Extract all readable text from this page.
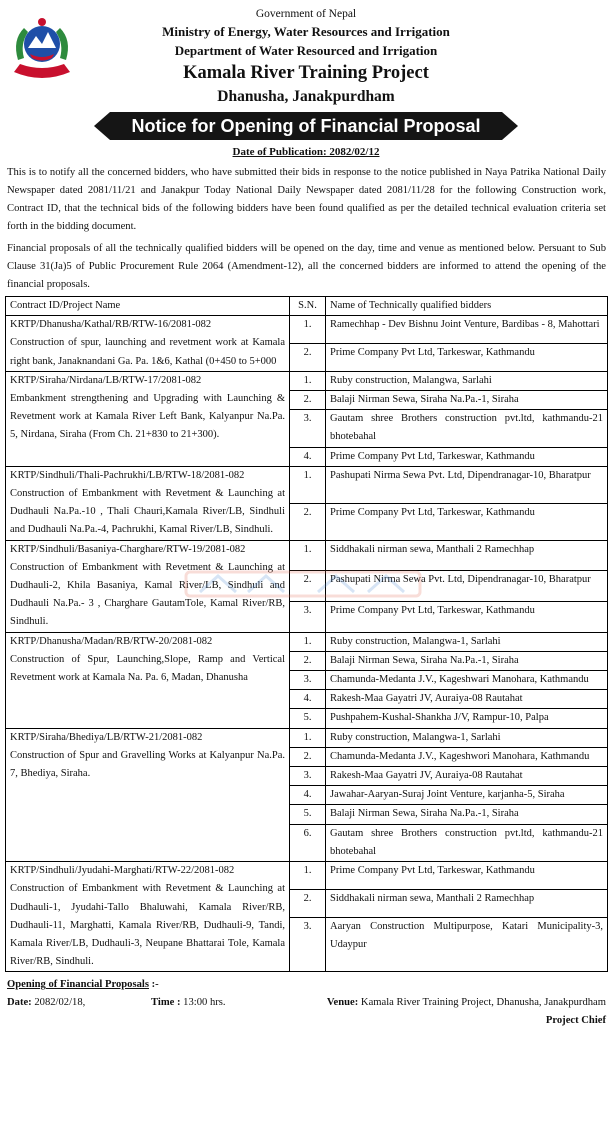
Government of Nepal
Ministry of Energy, Water Resources and Irrigation
Department of Water Resourced and Irrigation
Kamala River Training Project
Dhanusha, Janakpurdham
Notice for Opening of Financial Proposal
Date of Publication: 2082/02/12

This is to notify all the concerned bidders, who have submitted their bids in response to the notice published in Naya Patrika National Daily Newspaper dated 2081/11/21 and Janakpur Today National Daily Newspaper dated 2081/11/28 for the following Construction work, Contract ID, that the technical bids of the following bidders have been found qualified as per the detailed technical evaluation criteria set forth in the bidding document.

Financial proposals of all the technically qualified bidders will be opened on the day, time and venue as mentioned below. Persuant to Sub Clause 31(Ja)5 of Public Procurement Rule 2064 (Amendment-12), all the concerned bidders are informed to attend the opening of the financial proposals.

Contract ID/Project Name	S.N.	Name of Technically qualified bidders

KRTP/Dhanusha/Kathal/RB/RTW-16/2081-082
Construction of spur, launching and revetment work at Kamala right bank, Janaknandani Ga. Pa. 1&6, Kathal (0+450 to 5+000	1.	Ramechhap - Dev Bishnu Joint Venture, Bardibas - 8, Mahottari
	2.	Prime Company Pvt Ltd, Tarkeswar, Kathmandu

KRTP/Siraha/Nirdana/LB/RTW-17/2081-082
Embankment strengthening and Upgrading with Launching & Revetment work at Kamala River Left Bank, Kalyanpur Na.Pa. 5, Nirdana, Siraha (From Ch. 21+830 to 21+300).	1.	Ruby construction, Malangwa, Sarlahi
	2.	Balaji Nirman Sewa, Siraha Na.Pa.-1, Siraha
	3.	Gautam shree Brothers construction pvt.ltd, kathmandu-21 bhotebahal
	4.	Prime Company Pvt Ltd, Tarkeswar, Kathmandu

KRTP/Sindhuli/Thali-Pachrukhi/LB/RTW-18/2081-082
Construction of Embankment with Revetment & Launching at Dudhauli Na.Pa.-10 , Thali Chauri,Kamala River/LB, Sindhuli and Dudhauli Na.Pa.-4, Pachrukhi, Kamal River/LB, Sindhuli.	1.	Pashupati Nirma Sewa Pvt. Ltd, Dipendranagar-10, Bharatpur
	2.	Prime Company Pvt Ltd, Tarkeswar, Kathmandu

KRTP/Sindhuli/Basaniya-Charghare/RTW-19/2081-082
Construction of Embankment with Revetment & Launching at Dudhauli-2, Khila Basaniya, Kamal River/LB, Sindhuli and Dudhauli Na.Pa.- 3 , Charghare GautamTole, Kamal River/RB, Sindhuli.	1.	Siddhakali nirman sewa, Manthali 2 Ramechhap
	2.	Pashupati Nirma Sewa Pvt. Ltd, Dipendranagar-10, Bharatpur
	3.	Prime Company Pvt Ltd, Tarkeswar, Kathmandu

KRTP/Dhanusha/Madan/RB/RTW-20/2081-082
Construction of Spur, Launching,Slope, Ramp and Vertical Revetment work at Kamala Na. Pa. 6, Madan, Dhanusha	1.	Ruby construction, Malangwa-1, Sarlahi
	2.	Balaji Nirman Sewa, Siraha Na.Pa.-1, Siraha
	3.	Chamunda-Medanta J.V., Kageshwari Manohara, Kathmandu
	4.	Rakesh-Maa Gayatri JV, Auraiya-08 Rautahat
	5.	Pushpahem-Kushal-Shankha J/V, Rampur-10, Palpa

KRTP/Siraha/Bhediya/LB/RTW-21/2081-082
Construction of Spur and Gravelling Works at Kalyanpur Na.Pa. 7, Bhediya, Siraha.	1.	Ruby construction, Malangwa-1, Sarlahi
	2.	Chamunda-Medanta J.V., Kageshwori Manohara, Kathmandu
	3.	Rakesh-Maa Gayatri JV, Auraiya-08 Rautahat
	4.	Jawahar-Aaryan-Suraj Joint Venture, karjanha-5, Siraha
	5.	Balaji Nirman Sewa, Siraha Na.Pa.-1, Siraha
	6.	Gautam shree Brothers construction pvt.ltd, kathmandu-21 bhotebahal

KRTP/Sindhuli/Jyudahi-Marghati/RTW-22/2081-082
Construction of Embankment with Revetment & Launching at Dudhauli-1, Jyudahi-Tallo Bhaluwahi, Kamala River/RB, Dudhauli-11, Marghatti, Kamala River/RB, Dudhauli-9, Tandi, Kamala River/LB, Dudhauli-3, Neupane Bhattarai Tole, Kamala River/RB, Sindhuli.	1.	Prime Company Pvt Ltd, Tarkeswar, Kathmandu
	2.	Siddhakali nirman sewa, Manthali 2 Ramechhap
	3.	Aaryan Construction Multipurpose, Katari Municipality-3, Udaypur
Opening of Financial Proposals :-
Date: 2082/02/18,	Time : 13:00 hrs.	Venue: Kamala River Training Project, Dhanusha, Janakpurdham
Project Chief
